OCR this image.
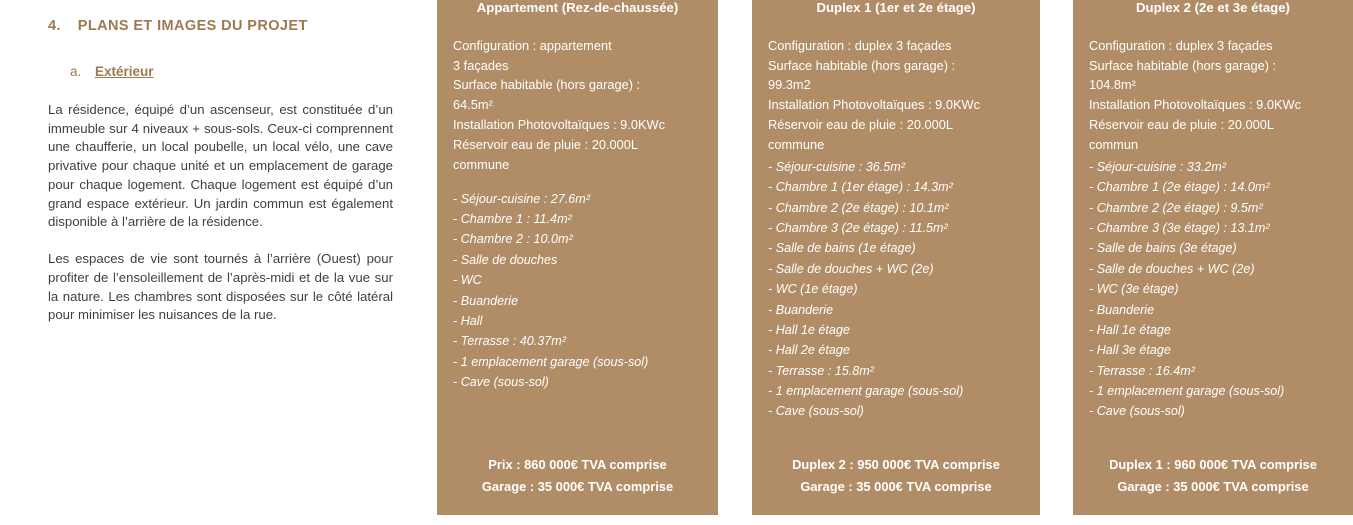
4. PLANS ET IMAGES DU PROJET
a. Extérieur

La résidence, équipé d’un ascenseur, est constituée d’un immeuble sur 4 niveaux + sous-sols. Ceux-ci comprennent une chaufferie, un local poubelle, un local vélo, une cave privative pour chaque unité et un emplacement de garage pour chaque logement. Chaque logement est équipé d’un grand espace extérieur. Un jardin commun est également disponible à l’arrière de la résidence.

Les espaces de vie sont tournés à l’arrière (Ouest) pour profiter de l’ensoleillement de l’après-midi et de la vue sur la nature. Les chambres sont disposées sur le côté latéral pour minimiser les nuisances de la rue.

Appartement (Rez-de-chaussée)
Configuration : appartement
3 façades
Surface habitable (hors garage) :
64.5m²
Installation Photovoltaïques : 9.0KWc
Réservoir eau de pluie : 20.000L
commune
- Séjour-cuisine : 27.6m²
- Chambre 1 : 11.4m²
- Chambre 2 : 10.0m²
- Salle de douches
- WC
- Buanderie
- Hall
- Terrasse : 40.37m²
- 1 emplacement garage (sous-sol)
- Cave (sous-sol)
Prix : 860 000€ TVA comprise
Garage : 35 000€ TVA comprise
Duplex 1 (1er et 2e étage)
Configuration : duplex 3 façades
Surface habitable (hors garage) :
99.3m2
Installation Photovoltaïques : 9.0KWc
Réservoir eau de pluie : 20.000L
commune
- Séjour-cuisine : 36.5m²
- Chambre 1 (1er étage) : 14.3m²
- Chambre 2 (2e étage) : 10.1m²
- Chambre 3 (2e étage) : 11.5m²
- Salle de bains (1e étage)
- Salle de douches + WC (2e)
- WC (1e étage)
- Buanderie
- Hall 1e étage
- Hall 2e étage
- Terrasse : 15.8m²
- 1 emplacement garage (sous-sol)
- Cave (sous-sol)
Duplex 2 : 950 000€ TVA comprise
Garage : 35 000€ TVA comprise
Duplex 2 (2e et 3e étage)
Configuration : duplex 3 façades
Surface habitable (hors garage) :
104.8m²
Installation Photovoltaïques : 9.0KWc
Réservoir eau de pluie : 20.000L
commun
- Séjour-cuisine : 33.2m²
- Chambre 1 (2e étage) : 14.0m²
- Chambre 2 (2e étage) : 9.5m²
- Chambre 3 (3e étage) : 13.1m²
- Salle de bains (3e étage)
- Salle de douches + WC (2e)
- WC (3e étage)
- Buanderie
- Hall 1e étage
- Hall 3e étage
- Terrasse : 16.4m²
- 1 emplacement garage (sous-sol)
- Cave (sous-sol)
Duplex 1 : 960 000€ TVA comprise
Garage : 35 000€ TVA comprise
